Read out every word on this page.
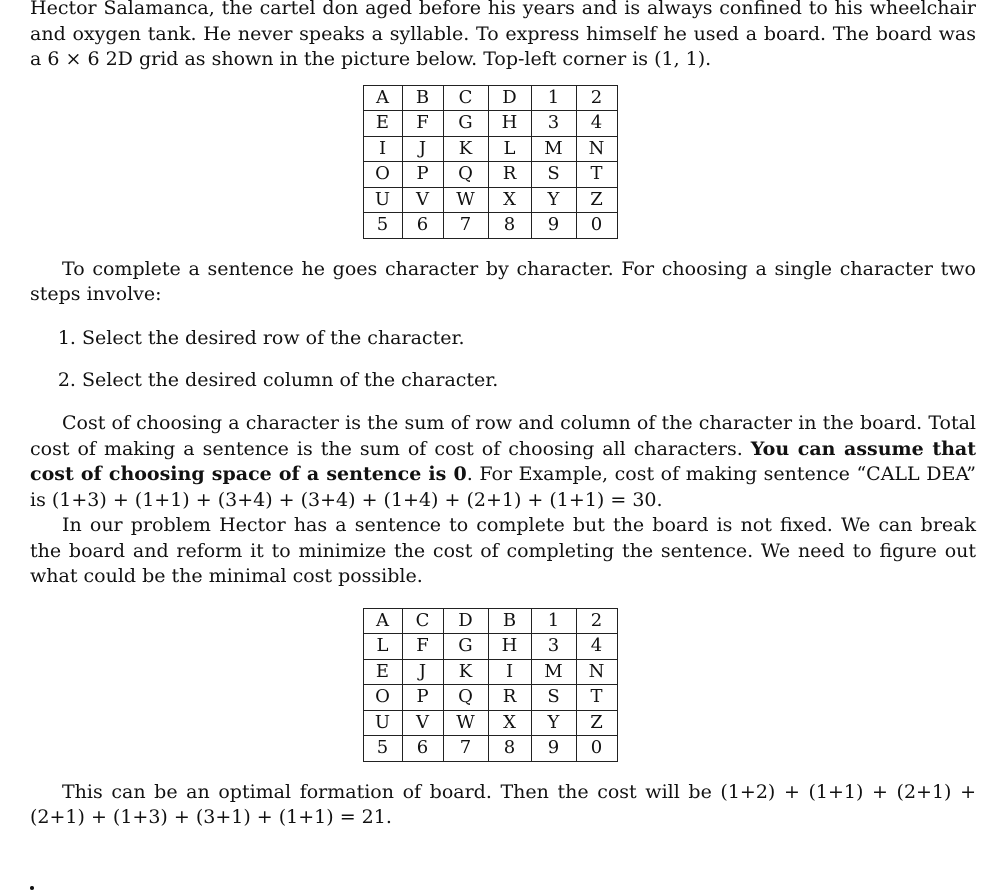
Hector Salamanca, the cartel don aged before his years and is always confined to his wheelchair and oxygen tank. He never speaks a syllable. To express himself he used a board. The board was a 6 × 6 2D grid as shown in the picture below. Top-left corner is (1, 1).

A	B	C	D	1	2
E	F	G	H	3	4
I	J	K	L	M	N
O	P	Q	R	S	T
U	V	W	X	Y	Z
5	6	7	8	9	0

To complete a sentence he goes character by character. For choosing a single character two steps involve:

1. Select the desired row of the character.
2. Select the desired column of the character.

Cost of choosing a character is the sum of row and column of the character in the board. Total cost of making a sentence is the sum of cost of choosing all characters. You can assume that cost of choosing space of a sentence is 0. For Example, cost of making sentence “CALL DEA” is (1+3) + (1+1) + (3+4) + (3+4) + (1+4) + (2+1) + (1+1) = 30.

In our problem Hector has a sentence to complete but the board is not fixed. We can break the board and reform it to minimize the cost of completing the sentence. We need to figure out what could be the minimal cost possible.

A	C	D	B	1	2
L	F	G	H	3	4
E	J	K	I	M	N
O	P	Q	R	S	T
U	V	W	X	Y	Z
5	6	7	8	9	0

This can be an optimal formation of board. Then the cost will be (1+2) + (1+1) + (2+1) + (2+1) + (1+3) + (3+1) + (1+1) = 21.
